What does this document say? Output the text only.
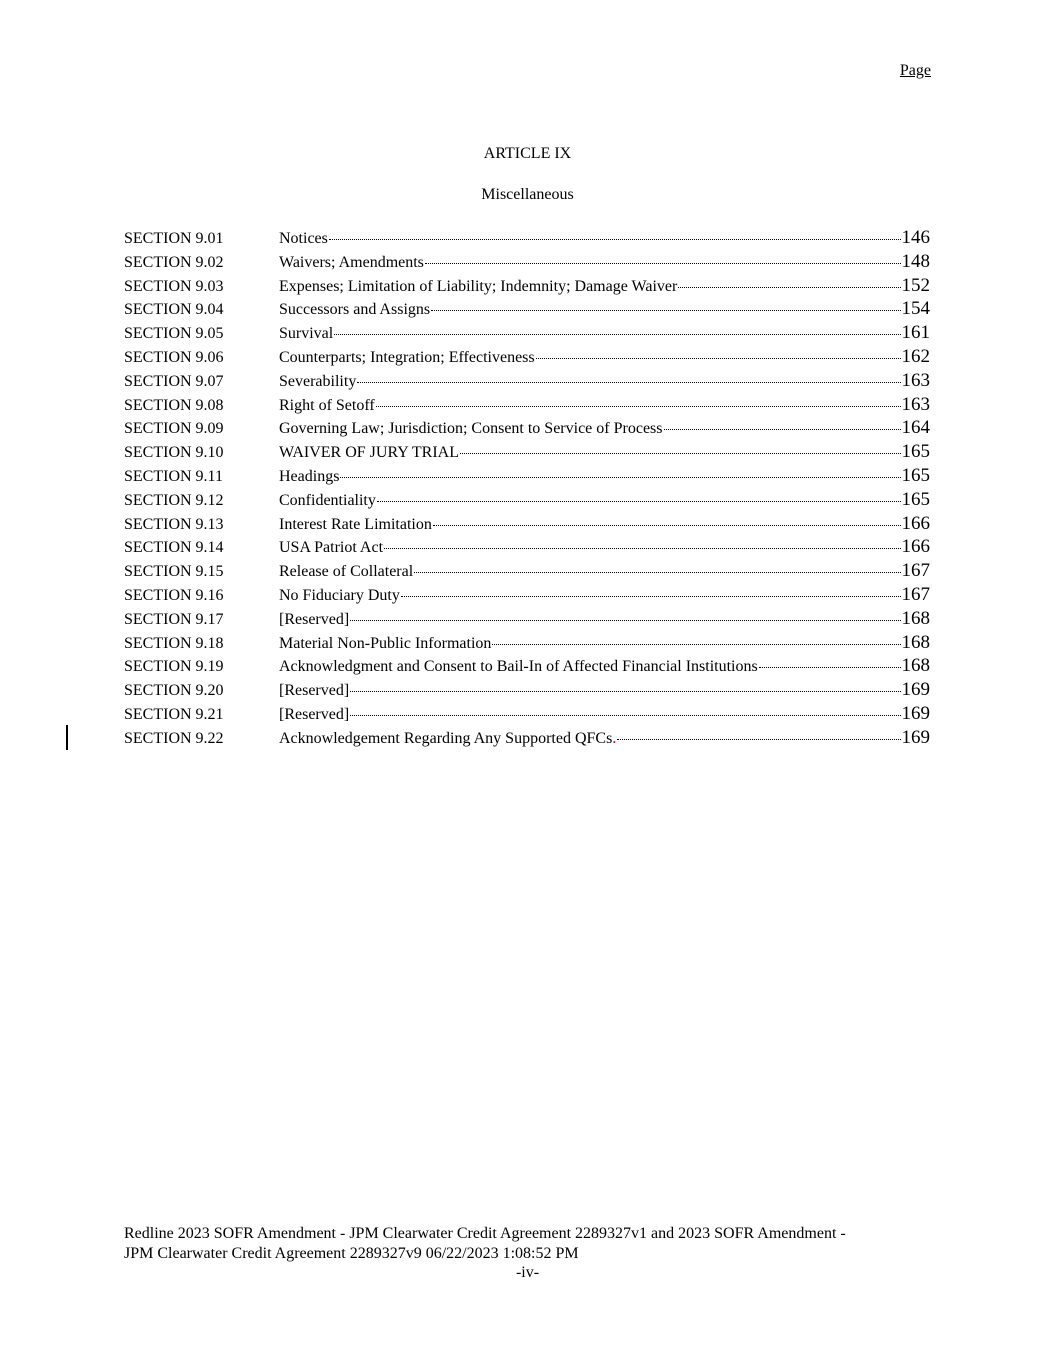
Page
ARTICLE IX
Miscellaneous
SECTION 9.01	Notices	146
SECTION 9.02	Waivers; Amendments	148
SECTION 9.03	Expenses; Limitation of Liability; Indemnity; Damage Waiver	152
SECTION 9.04	Successors and Assigns	154
SECTION 9.05	Survival	161
SECTION 9.06	Counterparts; Integration; Effectiveness	162
SECTION 9.07	Severability	163
SECTION 9.08	Right of Setoff	163
SECTION 9.09	Governing Law; Jurisdiction; Consent to Service of Process	164
SECTION 9.10	WAIVER OF JURY TRIAL	165
SECTION 9.11	Headings	165
SECTION 9.12	Confidentiality	165
SECTION 9.13	Interest Rate Limitation	166
SECTION 9.14	USA Patriot Act	166
SECTION 9.15	Release of Collateral	167
SECTION 9.16	No Fiduciary Duty	167
SECTION 9.17	[Reserved]	168
SECTION 9.18	Material Non-Public Information	168
SECTION 9.19	Acknowledgment and Consent to Bail-In of Affected Financial Institutions	168
SECTION 9.20	[Reserved]	169
SECTION 9.21	[Reserved]	169
SECTION 9.22	Acknowledgement Regarding Any Supported QFCs.	169
Redline 2023 SOFR Amendment - JPM Clearwater Credit Agreement 2289327v1 and 2023 SOFR Amendment -
JPM Clearwater Credit Agreement 2289327v9 06/22/2023 1:08:52 PM
-iv-
